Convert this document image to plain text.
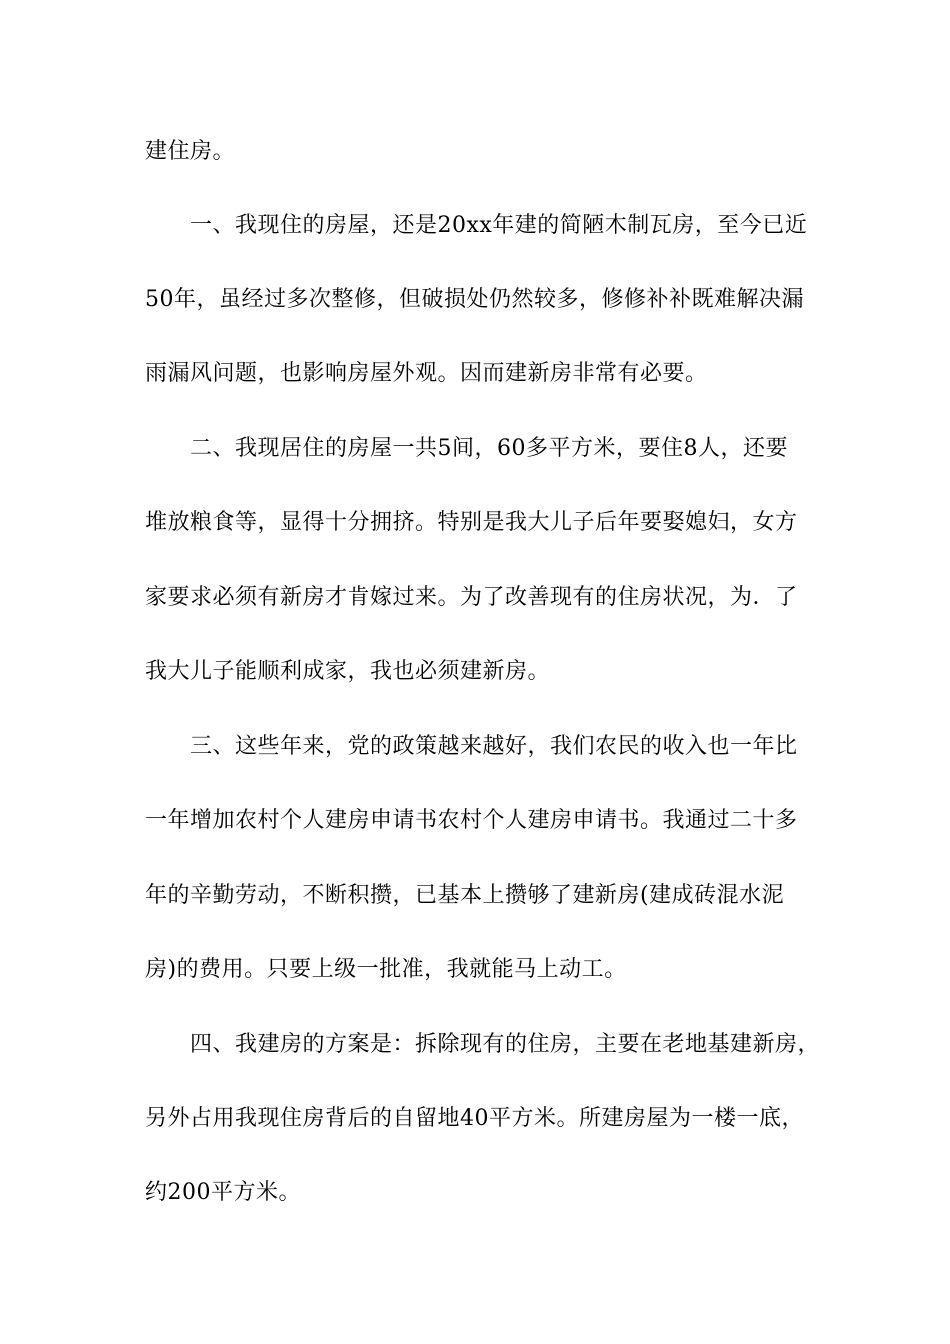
建住房。
一、我现住的房屋，还是20xx年建的简陋木制瓦房，至今已近
50年，虽经过多次整修，但破损处仍然较多，修修补补既难解决漏
雨漏风问题，也影响房屋外观。因而建新房非常有必要。
二、我现居住的房屋一共5间，60多平方米，要住8人，还要
堆放粮食等，显得十分拥挤。特别是我大儿子后年要娶媳妇，女方
家要求必须有新房才肯嫁过来。为了改善现有的住房状况，为．了
我大儿子能顺利成家，我也必须建新房。
三、这些年来，党的政策越来越好，我们农民的收入也一年比
一年增加农村个人建房申请书农村个人建房申请书。我通过二十多
年的辛勤劳动，不断积攒，已基本上攒够了建新房(建成砖混水泥
房)的费用。只要上级一批准，我就能马上动工。
四、我建房的方案是：拆除现有的住房，主要在老地基建新房，
另外占用我现住房背后的自留地40平方米。所建房屋为一楼一底，
约200平方米。
